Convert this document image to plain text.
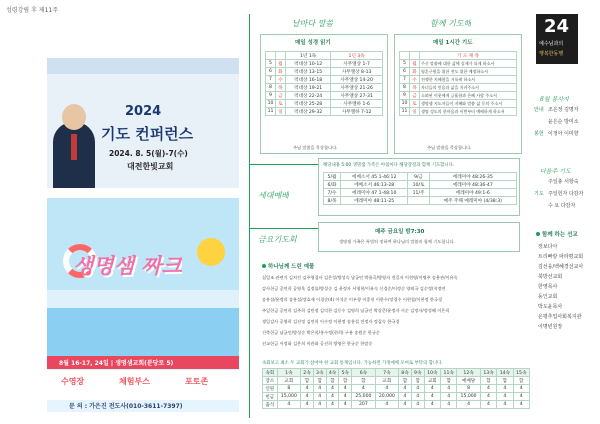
성령강림 후 제11주
2024
기도 컨퍼런스
2024. 8. 5(월)-7(수)
대전한빛교회
생명샘 짜크
8월 16-17, 24일 | 생명샘교회(분당로 5)
수영장	체험부스	포토존
문 의 : 가은진 전도사(010-3611-7397)
날마다 말씀
매일 성경 읽기
		1년 1독	1년 3독
5	월	역대상 10-12	사무엘상 1-7
6	화	역대상 13-15	사무엘상 8-13
7	수	역대상 16-18	사무엘상 14-20
8	목	역대상 19-21	사무엘상 21-26
9	금	역대상 22-24	사무엘상 27-31
10	토	역대상 25-28	사무엘하 1-6
11	일	역대상 29-32	사무엘하 7-12
주님 말씀을 묵상합니다.
세대예배
해당내용 5:00 생명샘 가족은 아침마다 해당장절과 함께 기도합니다.
5/월	에베소서 45 1-46:12	9/금	에레미야 48:26-35
6/화	에베소서 46:13-28	10/토	에레미야 48:36-47
7/수	에레미야 47 1-48:10	11/주	에레미야 49:1-6
8/목	에레미야 48:11-25		매주 주해 예레미야 (4/38:3)
금요기도회
매주 금요일 밤7:30
생명샘 가족은 특별히 정하여 하나님의 말씀과 함께 기도합니다.
하나님께 드린 예물
십일조 관련기 김치진 김주영집사 김은성/방성숙 남궁연 박율곡/방영자 전길자 이현영/이명주 송용관/이유숙
감사헌금 공연희 공영욱 김정률/방성순 김 윤정자 서영현/이유숙 신경순/이정순 양외국 김순정/지정연
송흥섭/윤정희 송흥섭/장효재 이경순(4) 이석순 이우향 이종헌 이한수/장경수 이현철/이현정 한국경
주일헌금 공연희 김주희 김민정 김덕찬 김동수 김명희 남궁인 박상준/윤정자 서순 김정자/정성혜 이은희
생일감사 공영희 김선정 김연희 이수정 이현정 송흥섭 전정자 정갑숙 한국경
건축헌금 남궁인/방성순 박은희/홍수정(현희) 구용 송원순 한규순
선교헌금 서정화 김은희 이관화 공선희 방영은 한규순 한말순
속회보고 최소 두 교회가 참여야 한 교회 통계입니다. 가능하면 가정예배 모여로 부탁의 합니다.
속회	1속	2속	3속	4속	5속	6속	7속	8속	9속	10속	11속	12속	13속	14속	15속
장소	교회	합	합	합	합	합	교회	합	합	교회	합	예배당	합	합	합
인원	8	4	4	4	4	4	4	4	4	4	4	8	4	4	4
헌금	15,000	4	4	4	4	25,000	20,000	4	4	4	4	15,000	4	4	4
출석	4	4	4	4	4	207	4	4	4	4	4	4	4	4	4
함께 기도해
매일 1시간 기도
		기 도 제 목
5	월	주신 말씀에 대한 삶에 실제가 되게 하소서
6	화	영혼구원을 위한 전도 위한 예정하소서
7	수	전쟁한 지혜함을 거룩케 하소서
8	목	자녀들의 믿음과 삶을 지켜주소서
9	금	소외된 이웃에게 긍휼함과 은혜 사랑 주소서
10	토	생명샘 지도자들이 지혜와 말씀 삶 동의 주소서
11	일	생명 성도의 한마음과 이번부터 예배하게 하소서
주님 말씀을 묵상합니다.
24
예수님과의
행복한동행
8월 봉사자
안내 조은정 김명자
윤은순 방미소
봉헌 이정아 이미향
다음주 기도
주일총 서항숙
기도 주일헌자 다감자
수 요 다감자
함께 하는 선교
장보다아
트리빠랑 파라평교회
김선웅/백혜경선교사
북방선교회
한영목사
동인교회
박도윤목사
온평추업사회복지관
이명빈원장
